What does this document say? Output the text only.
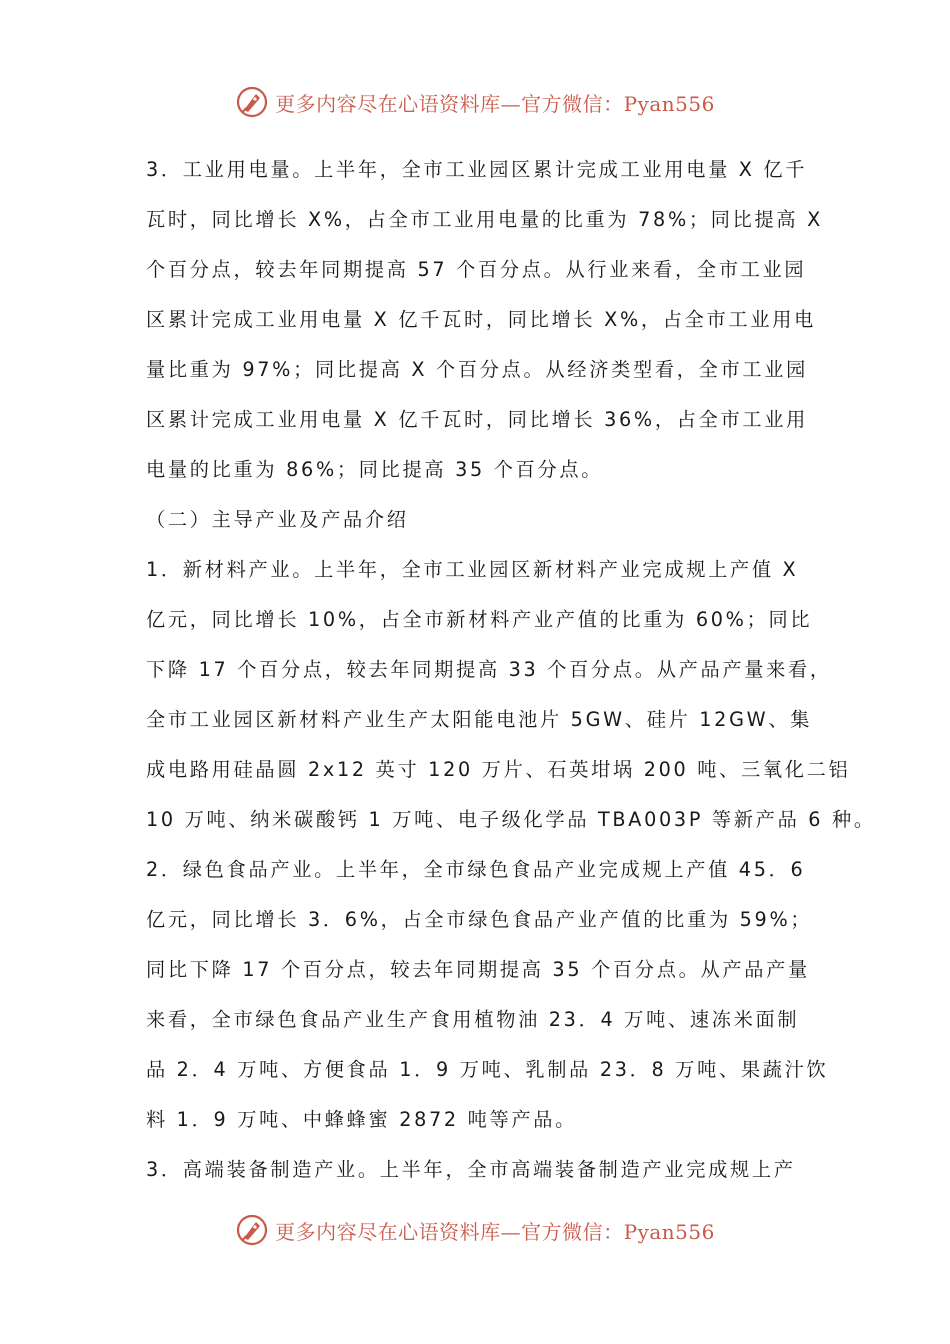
更多内容尽在心语资料库—官方微信：Pyan556
3．工业用电量。上半年，全市工业园区累计完成工业用电量 X 亿千
瓦时，同比增长 X%，占全市工业用电量的比重为 78%；同比提高 X
个百分点，较去年同期提高 57 个百分点。从行业来看，全市工业园
区累计完成工业用电量 X 亿千瓦时，同比增长 X%，占全市工业用电
量比重为 97%；同比提高 X 个百分点。从经济类型看，全市工业园
区累计完成工业用电量 X 亿千瓦时，同比增长 36%，占全市工业用
电量的比重为 86%；同比提高 35 个百分点。
（二）主导产业及产品介绍
1．新材料产业。上半年，全市工业园区新材料产业完成规上产值 X
亿元，同比增长 10%，占全市新材料产业产值的比重为 60%；同比
下降 17 个百分点，较去年同期提高 33 个百分点。从产品产量来看，
全市工业园区新材料产业生产太阳能电池片 5GW、硅片 12GW、集
成电路用硅晶圆 2x12 英寸 120 万片、石英坩埚 200 吨、三氧化二铝
10 万吨、纳米碳酸钙 1 万吨、电子级化学品 TBA003P 等新产品 6 种。
2．绿色食品产业。上半年，全市绿色食品产业完成规上产值 45．6
亿元，同比增长 3．6%，占全市绿色食品产业产值的比重为 59%；
同比下降 17 个百分点，较去年同期提高 35 个百分点。从产品产量
来看，全市绿色食品产业生产食用植物油 23．4 万吨、速冻米面制
品 2．4 万吨、方便食品 1．9 万吨、乳制品 23．8 万吨、果蔬汁饮
料 1．9 万吨、中蜂蜂蜜 2872 吨等产品。
3．高端装备制造产业。上半年，全市高端装备制造产业完成规上产
更多内容尽在心语资料库—官方微信：Pyan556
